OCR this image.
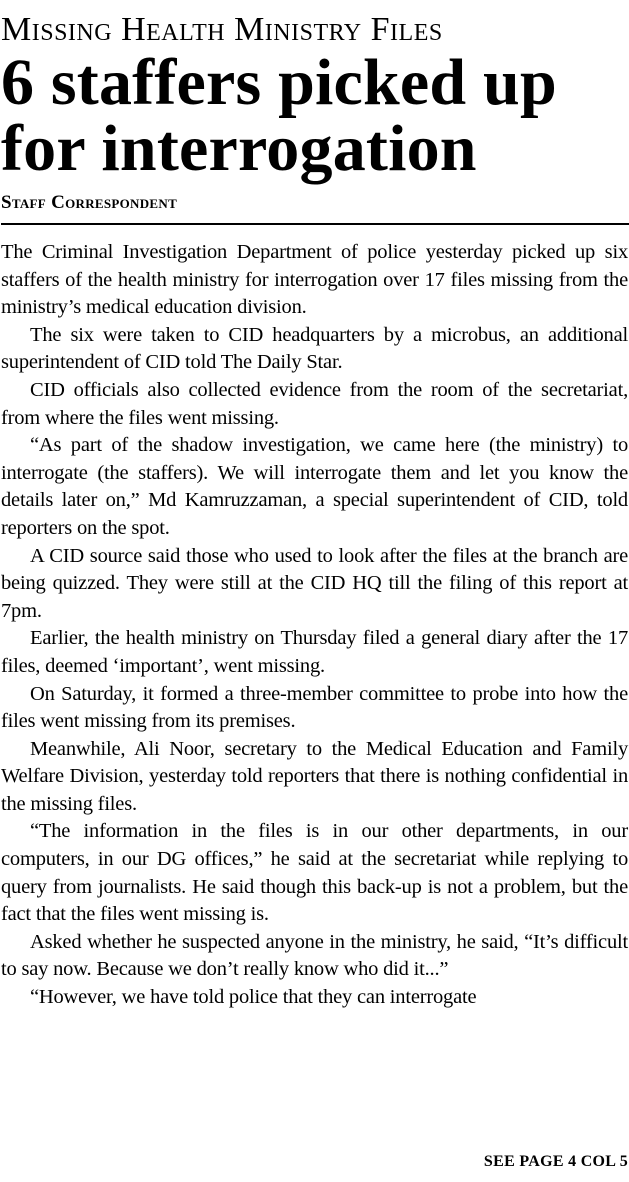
Missing Health Ministry Files
6 staffers picked up
for interrogation
Staff Correspondent

The Criminal Investigation Department of police yesterday picked up six staffers of the health ministry for interrogation over 17 files missing from the ministry’s medical education division.

The six were taken to CID headquarters by a microbus, an additional superintendent of CID told The Daily Star.

CID officials also collected evidence from the room of the secretariat, from where the files went missing.

“As part of the shadow investigation, we came here (the ministry) to interrogate (the staffers). We will interrogate them and let you know the details later on,” Md Kamruzzaman, a special superintendent of CID, told reporters on the spot.

A CID source said those who used to look after the files at the branch are being quizzed. They were still at the CID HQ till the filing of this report at 7pm.

Earlier, the health ministry on Thursday filed a general diary after the 17 files, deemed ‘important’, went missing.

On Saturday, it formed a three-member committee to probe into how the files went missing from its premises.

Meanwhile, Ali Noor, secretary to the Medical Education and Family Welfare Division, yesterday told reporters that there is nothing confidential in the missing files.

“The information in the files is in our other departments, in our computers, in our DG offices,” he said at the secretariat while replying to query from journalists. He said though this back-up is not a problem, but the fact that the files went missing is.

Asked whether he suspected anyone in the ministry, he said, “It’s difficult to say now. Because we don’t really know who did it...”

“However, we have told police that they can interrogate

SEE PAGE 4 COL 5
